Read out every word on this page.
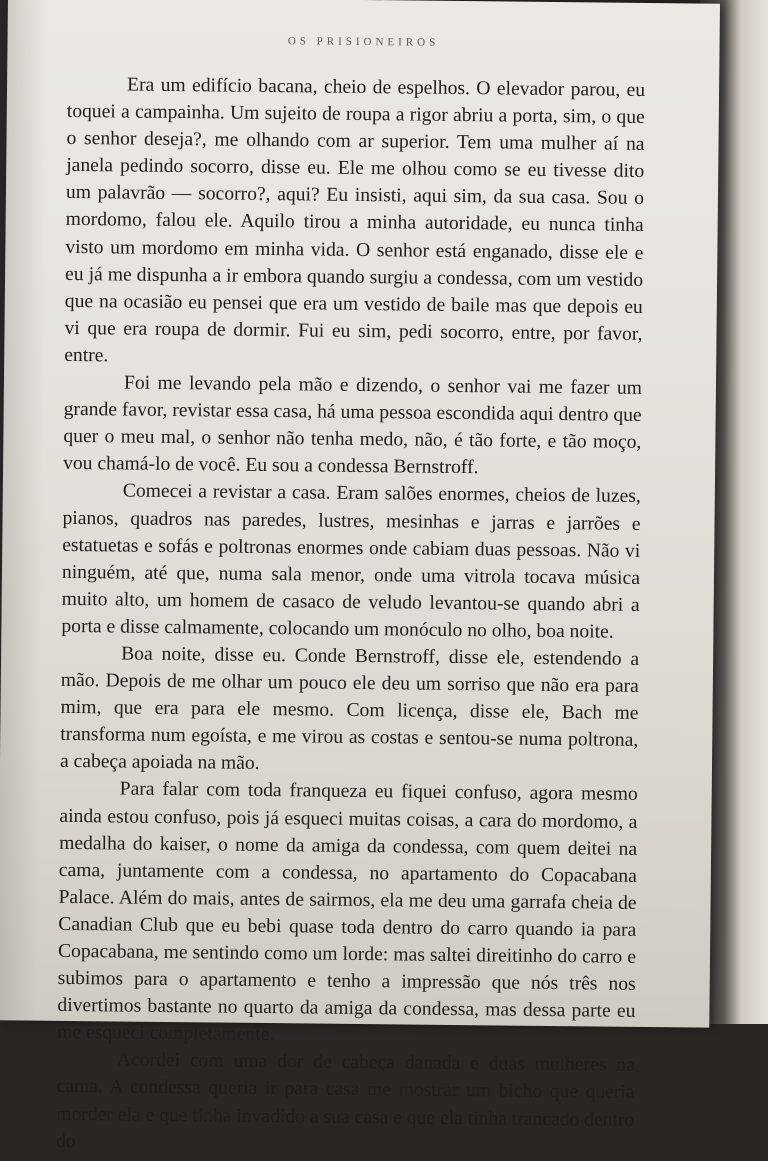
OS PRISIONEIROS

Era um edifício bacana, cheio de espelhos. O elevador parou, eu toquei a campainha. Um sujeito de roupa a rigor abriu a porta, sim, o que o senhor deseja?, me olhando com ar superior. Tem uma mulher aí na janela pedindo socorro, disse eu. Ele me olhou como se eu tivesse dito um palavrão — socorro?, aqui? Eu insisti, aqui sim, da sua casa. Sou o mordomo, falou ele. Aquilo tirou a minha autoridade, eu nunca tinha visto um mordomo em minha vida. O senhor está enganado, disse ele e eu já me dispunha a ir embora quando surgiu a condessa, com um vestido que na ocasião eu pensei que era um vestido de baile mas que depois eu vi que era roupa de dormir. Fui eu sim, pedi socorro, entre, por favor, entre.

Foi me levando pela mão e dizendo, o senhor vai me fazer um grande favor, revistar essa casa, há uma pessoa escondida aqui dentro que quer o meu mal, o senhor não tenha medo, não, é tão forte, e tão moço, vou chamá-lo de você. Eu sou a condessa Bernstroff.

Comecei a revistar a casa. Eram salões enormes, cheios de luzes, pianos, quadros nas paredes, lustres, mesinhas e jarras e jarrões e estatuetas e sofás e poltronas enormes onde cabiam duas pessoas. Não vi ninguém, até que, numa sala menor, onde uma vitrola tocava música muito alto, um homem de casaco de veludo levantou-se quando abri a porta e disse calmamente, colocando um monóculo no olho, boa noite.

Boa noite, disse eu. Conde Bernstroff, disse ele, estendendo a mão. Depois de me olhar um pouco ele deu um sorriso que não era para mim, que era para ele mesmo. Com licença, disse ele, Bach me transforma num egoísta, e me virou as costas e sentou-se numa poltrona, a cabeça apoiada na mão.

Para falar com toda franqueza eu fiquei confuso, agora mesmo ainda estou confuso, pois já esqueci muitas coisas, a cara do mordomo, a medalha do kaiser, o nome da amiga da condessa, com quem deitei na cama, juntamente com a condessa, no apartamento do Copacabana Palace. Além do mais, antes de sairmos, ela me deu uma garrafa cheia de Canadian Club que eu bebi quase toda dentro do carro quando ia para Copacabana, me sentindo como um lorde: mas saltei direitinho do carro e subimos para o apartamento e tenho a impressão que nós três nos divertimos bastante no quarto da amiga da condessa, mas dessa parte eu me esqueci completamente.

Acordei com uma dor de cabeça danada e duas mulheres na cama. A condessa queria ir para casa me mostrar um bicho que queria morder ela e que tinha invadido a sua casa e que ela tinha trancado dentro do
